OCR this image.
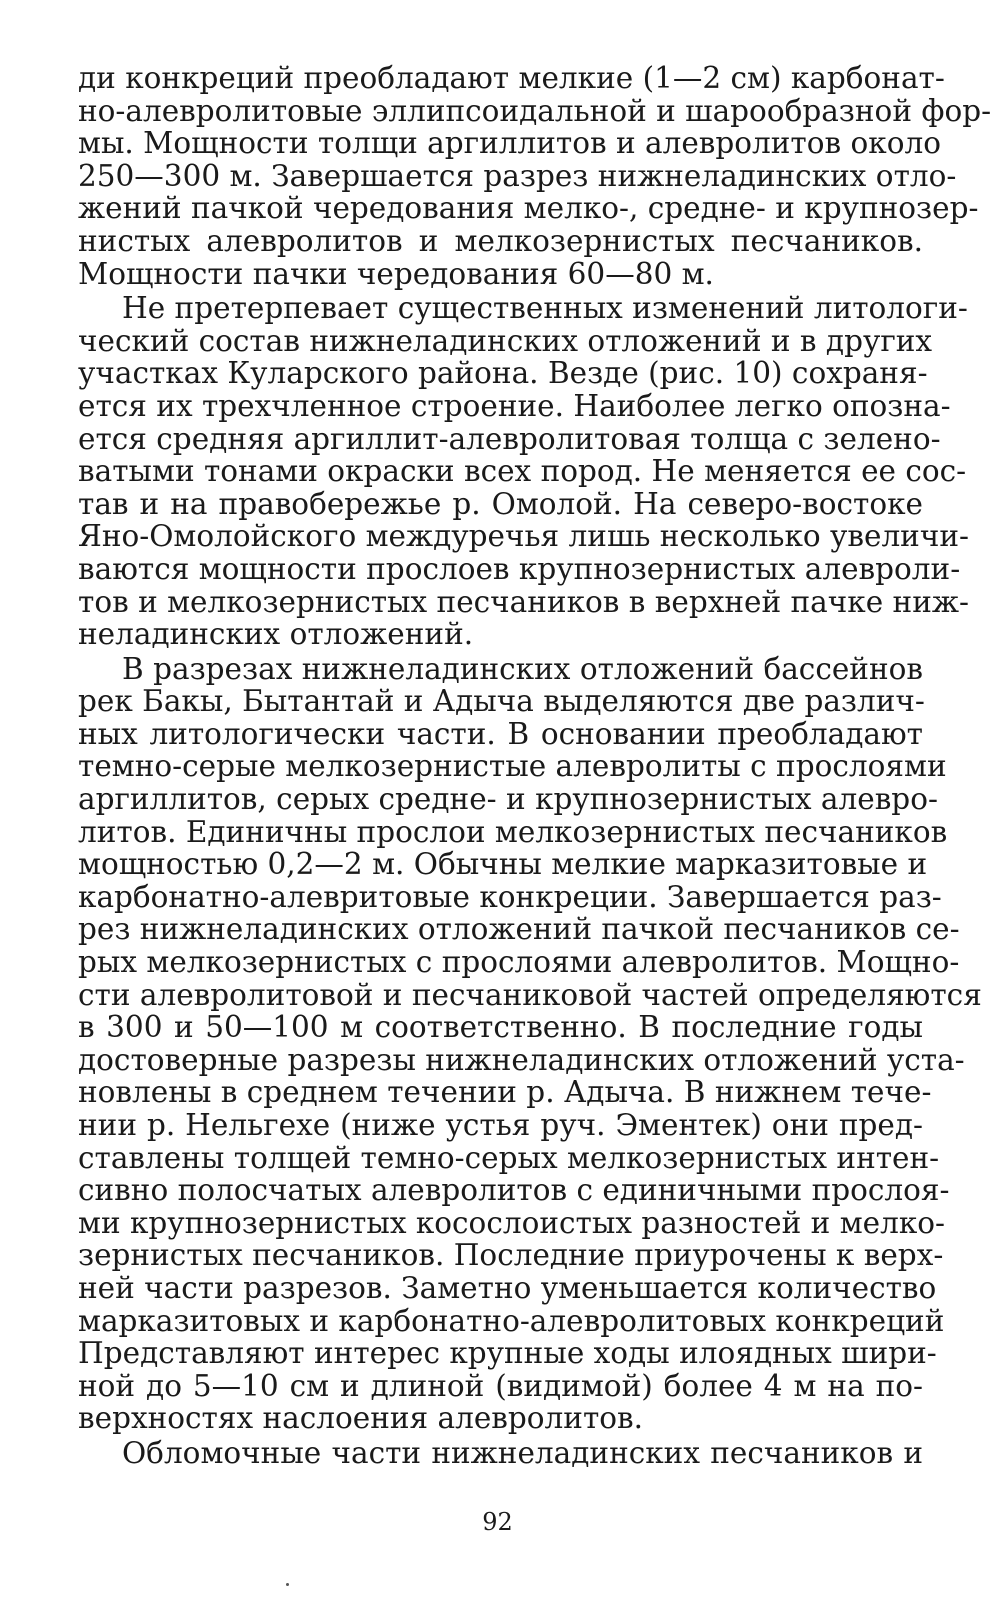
ди конкреций преобладают мелкие (1—2 см) карбонат-
но-алевролитовые эллипсоидальной и шарообразной фор-
мы. Мощности толщи аргиллитов и алевролитов около
250—300 м. Завершается разрез нижнеладинских отло-
жений пачкой чередования мелко-, средне- и крупнозер-
нистых алевролитов и мелкозернистых песчаников.
Мощности пачки чередования 60—80 м.
Не претерпевает существенных изменений литологи-
ческий состав нижнеладинских отложений и в других
участках Куларского района. Везде (рис. 10) сохраня-
ется их трехчленное строение. Наиболее легко опозна-
ется средняя аргиллит-алевролитовая толща с зелено-
ватыми тонами окраски всех пород. Не меняется ее сос-
тав и на правобережье р. Омолой. На северо-востоке
Яно-Омолойского междуречья лишь несколько увеличи-
ваются мощности прослоев крупнозернистых алевроли-
тов и мелкозернистых песчаников в верхней пачке ниж-
неладинских отложений.
В разрезах нижнеладинских отложений бассейнов
рек Бакы, Бытантай и Адыча выделяются две различ-
ных литологически части. В основании преобладают
темно-серые мелкозернистые алевролиты с прослоями
аргиллитов, серых средне- и крупнозернистых алевро-
литов. Единичны прослои мелкозернистых песчаников
мощностью 0,2—2 м. Обычны мелкие марказитовые и
карбонатно-алевритовые конкреции. Завершается раз-
рез нижнеладинских отложений пачкой песчаников се-
рых мелкозернистых с прослоями алевролитов. Мощно-
сти алевролитовой и песчаниковой частей определяются
в 300 и 50—100 м соответственно. В последние годы
достоверные разрезы нижнеладинских отложений уста-
новлены в среднем течении р. Адыча. В нижнем тече-
нии р. Нельгехе (ниже устья руч. Эментек) они пред-
ставлены толщей темно-серых мелкозернистых интен-
сивно полосчатых алевролитов с единичными прослоя-
ми крупнозернистых косослоистых разностей и мелко-
зернистых песчаников. Последние приурочены к верх-
ней части разрезов. Заметно уменьшается количество
марказитовых и карбонатно-алевролитовых конкреций
Представляют интерес крупные ходы илоядных шири-
ной до 5—10 см и длиной (видимой) более 4 м на по-
верхностях наслоения алевролитов.
Обломочные части нижнеладинских песчаников и
92
